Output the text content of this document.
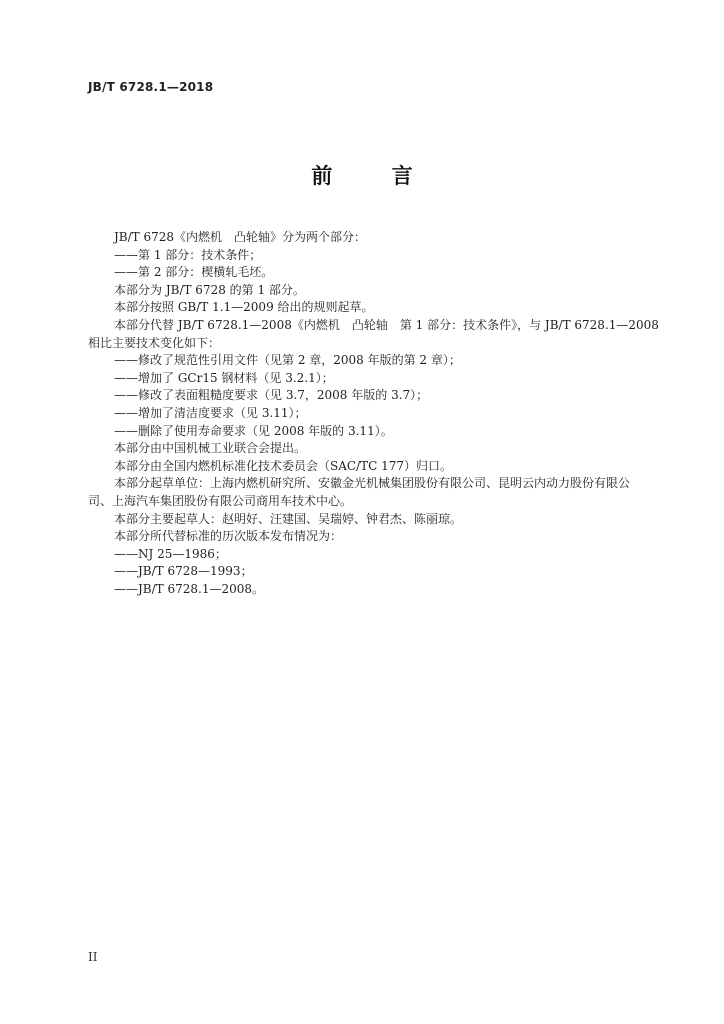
JB/T 6728.1—2018
前 言
JB/T 6728《内燃机　凸轮轴》分为两个部分：
——第 1 部分：技术条件；
——第 2 部分：楔横轧毛坯。
本部分为 JB/T 6728 的第 1 部分。
本部分按照 GB/T 1.1—2009 给出的规则起草。
本部分代替 JB/T 6728.1—2008《内燃机　凸轮轴　第 1 部分：技术条件》，与 JB/T 6728.1—2008
相比主要技术变化如下：
——修改了规范性引用文件（见第 2 章，2008 年版的第 2 章）；
——增加了 GCr15 钢材料（见 3.2.1）；
——修改了表面粗糙度要求（见 3.7，2008 年版的 3.7）；
——增加了清洁度要求（见 3.11）；
——删除了使用寿命要求（见 2008 年版的 3.11）。
本部分由中国机械工业联合会提出。
本部分由全国内燃机标准化技术委员会（SAC/TC 177）归口。
本部分起草单位：上海内燃机研究所、安徽金光机械集团股份有限公司、昆明云内动力股份有限公
司、上海汽车集团股份有限公司商用车技术中心。
本部分主要起草人：赵明好、汪建国、吴瑞婷、钟君杰、陈丽琼。
本部分所代替标准的历次版本发布情况为：
——NJ 25—1986；
——JB/T 6728—1993；
——JB/T 6728.1—2008。
II
